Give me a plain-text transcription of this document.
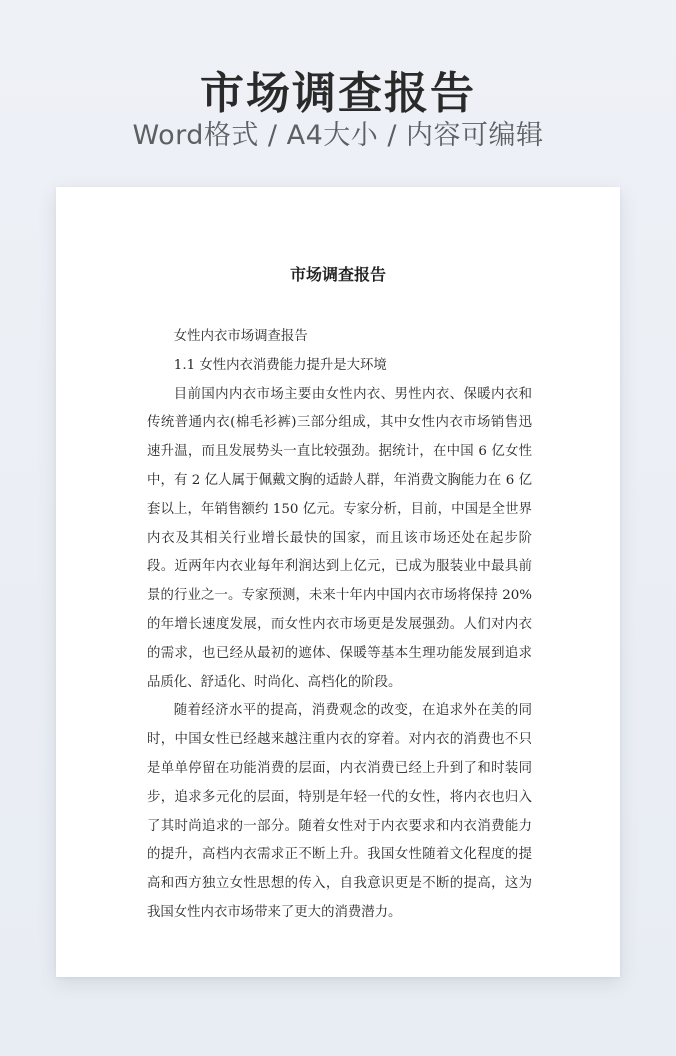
市场调查报告
Word格式 / A4大小 / 内容可编辑
市场调查报告

女性内衣市场调查报告

1.1 女性内衣消费能力提升是大环境

目前国内内衣市场主要由女性内衣、男性内衣、保暖内衣和传统普通内衣(棉毛衫裤)三部分组成，其中女性内衣市场销售迅速升温，而且发展势头一直比较强劲。据统计，在中国 6 亿女性中，有 2 亿人属于佩戴文胸的适龄人群，年消费文胸能力在 6 亿套以上，年销售额约 150 亿元。专家分析，目前，中国是全世界内衣及其相关行业增长最快的国家，而且该市场还处在起步阶段。近两年内衣业每年利润达到上亿元，已成为服装业中最具前景的行业之一。专家预测，未来十年内中国内衣市场将保持 20%的年增长速度发展，而女性内衣市场更是发展强劲。人们对内衣的需求，也已经从最初的遮体、保暖等基本生理功能发展到追求品质化、舒适化、时尚化、高档化的阶段。

随着经济水平的提高，消费观念的改变，在追求外在美的同时，中国女性已经越来越注重内衣的穿着。对内衣的消费也不只是单单停留在功能消费的层面，内衣消费已经上升到了和时装同步，追求多元化的层面，特别是年轻一代的女性，将内衣也归入了其时尚追求的一部分。随着女性对于内衣要求和内衣消费能力的提升，高档内衣需求正不断上升。我国女性随着文化程度的提高和西方独立女性思想的传入，自我意识更是不断的提高，这为我国女性内衣市场带来了更大的消费潜力。
